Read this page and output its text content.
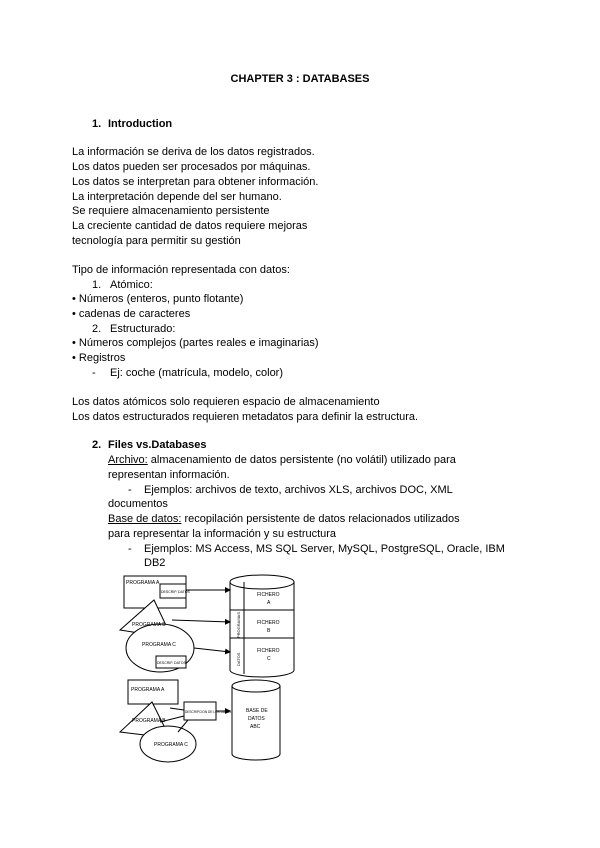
CHAPTER 3 : DATABASES
1. Introduction
La información se deriva de los datos registrados.
Los datos pueden ser procesados por máquinas.
Los datos se interpretan para obtener información.
La interpretación depende del ser humano.
Se requiere almacenamiento persistente
La creciente cantidad de datos requiere mejoras
tecnología para permitir su gestión
Tipo de información representada con datos:
1. Atómico:
• Números (enteros, punto flotante)
• cadenas de caracteres
2. Estructurado:
• Números complejos (partes reales e imaginarias)
• Registros
- Ej: coche (matrícula, modelo, color)
Los datos atómicos solo requieren espacio de almacenamiento
Los datos estructurados requieren metadatos para definir la estructura.
2. Files vs.Databases
Archivo: almacenamiento de datos persistente (no volátil) utilizado para
representan información.
- Ejemplos: archivos de texto, archivos XLS, archivos DOC, XML
documentos
Base de datos: recopilación persistente de datos relacionados utilizados
para representar la información y su estructura
- Ejemplos: MS Access, MS SQL Server, MySQL, PostgreSQL, Oracle, IBM
DB2
PROGRAMA A
DESCRIP. DATOS
PROGRAMA B
PROGRAMA C
DESCRIP. DATOS
FICHERO
A
FICHERO
B
FICHERO
C
PROGRAMAS
DATOS
PROGRAMA A
PROGRAMA B
PROGRAMA C
DESCRIPCION DE LOS DATOS	BASE DE
DATOS
ABC
